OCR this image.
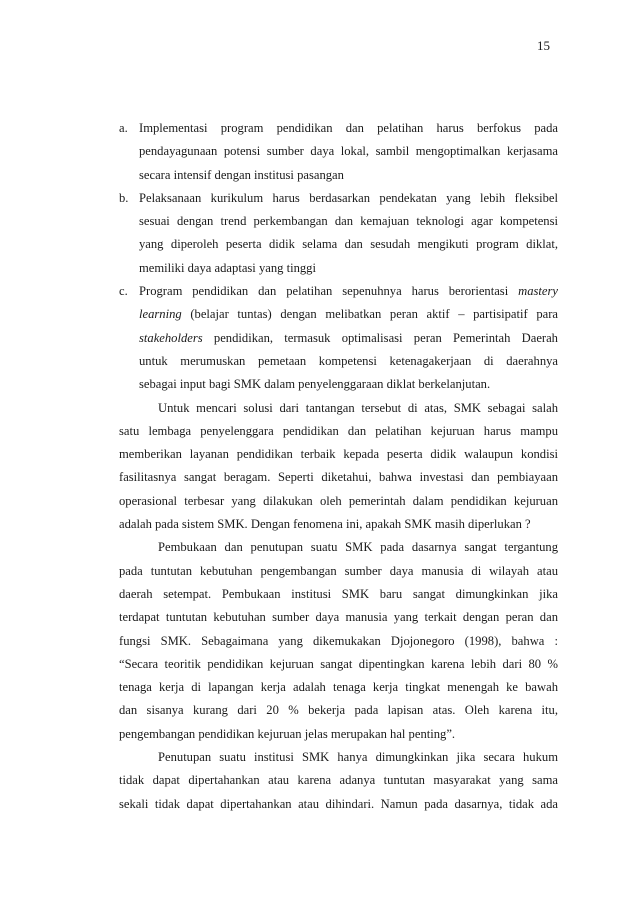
15
a. Implementasi program pendidikan dan pelatihan harus berfokus pada
pendayagunaan potensi sumber daya lokal, sambil mengoptimalkan kerjasama
secara intensif dengan institusi pasangan
b. Pelaksanaan kurikulum harus berdasarkan pendekatan yang lebih fleksibel
sesuai dengan trend perkembangan dan kemajuan teknologi agar kompetensi
yang diperoleh peserta didik selama dan sesudah mengikuti program diklat,
memiliki daya adaptasi yang tinggi
c. Program pendidikan dan pelatihan sepenuhnya harus berorientasi mastery
learning (belajar tuntas) dengan melibatkan peran aktif – partisipatif para
stakeholders pendidikan, termasuk optimalisasi peran Pemerintah Daerah
untuk merumuskan pemetaan kompetensi ketenagakerjaan di daerahnya
sebagai input bagi SMK dalam penyelenggaraan diklat berkelanjutan.
Untuk mencari solusi dari tantangan tersebut di atas, SMK sebagai salah
satu lembaga penyelenggara pendidikan dan pelatihan kejuruan harus mampu
memberikan layanan pendidikan terbaik kepada peserta didik walaupun kondisi
fasilitasnya sangat beragam. Seperti diketahui, bahwa investasi dan pembiayaan
operasional terbesar yang dilakukan oleh pemerintah dalam pendidikan kejuruan
adalah pada sistem SMK. Dengan fenomena ini, apakah SMK masih diperlukan ?
Pembukaan dan penutupan suatu SMK pada dasarnya sangat tergantung
pada tuntutan kebutuhan pengembangan sumber daya manusia di wilayah atau
daerah setempat. Pembukaan institusi SMK baru sangat dimungkinkan jika
terdapat tuntutan kebutuhan sumber daya manusia yang terkait dengan peran dan
fungsi SMK. Sebagaimana yang dikemukakan Djojonegoro (1998), bahwa :
“Secara teoritik pendidikan kejuruan sangat dipentingkan karena lebih dari 80 %
tenaga kerja di lapangan kerja adalah tenaga kerja tingkat menengah ke bawah
dan sisanya kurang dari 20 % bekerja pada lapisan atas. Oleh karena itu,
pengembangan pendidikan kejuruan jelas merupakan hal penting”.
Penutupan suatu institusi SMK hanya dimungkinkan jika secara hukum
tidak dapat dipertahankan atau karena adanya tuntutan masyarakat yang sama
sekali tidak dapat dipertahankan atau dihindari. Namun pada dasarnya, tidak ada
